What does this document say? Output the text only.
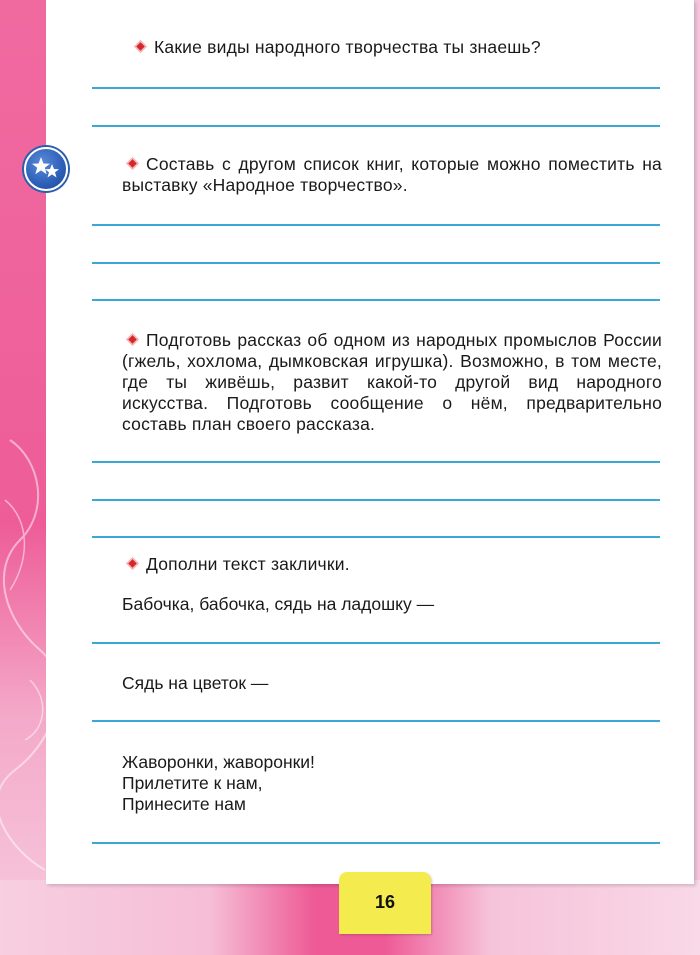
Какие виды народного творчества ты знаешь?
Составь с другом список книг, которые можно поместить на выставку «Народное творчество».
Подготовь рассказ об одном из народных промыслов России (гжель, хохлома, дымковская игрушка). Возможно, в том месте, где ты живёшь, развит какой-то другой вид народного искусства. Подготовь сообщение о нём, предварительно составь план своего рассказа.
Дополни текст заклички.
Бабочка, бабочка, сядь на ладошку —
Сядь на цветок —
Жаворонки, жаворонки!
Прилетите к нам,
Принесите нам
16
